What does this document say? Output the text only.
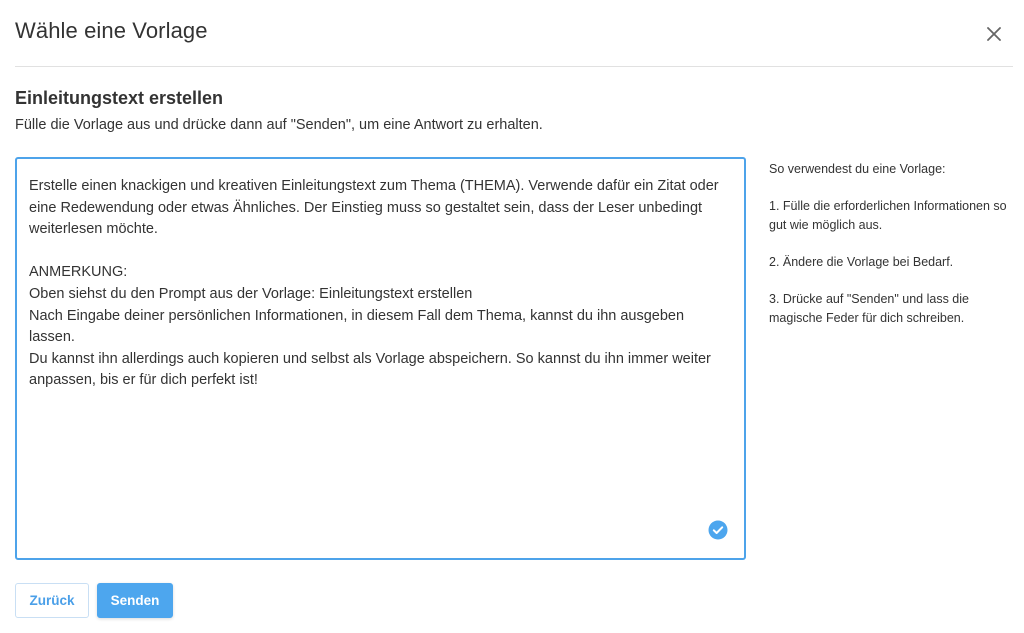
Wähle eine Vorlage
Einleitungstext erstellen
Fülle die Vorlage aus und drücke dann auf "Senden", um eine Antwort zu erhalten.
Erstelle einen knackigen und kreativen Einleitungstext zum Thema (THEMA). Verwende dafür ein Zitat oder eine Redewendung oder etwas Ähnliches. Der Einstieg muss so gestaltet sein, dass der Leser unbedingt weiterlesen möchte.

ANMERKUNG:
Oben siehst du den Prompt aus der Vorlage: Einleitungstext erstellen
Nach Eingabe deiner persönlichen Informationen, in diesem Fall dem Thema, kannst du ihn ausgeben lassen.
Du kannst ihn allerdings auch kopieren und selbst als Vorlage abspeichern. So kannst du ihn immer weiter anpassen, bis er für dich perfekt ist!

So verwendest du eine Vorlage:

1. Fülle die erforderlichen Informationen so gut wie möglich aus.

2. Ändere die Vorlage bei Bedarf.

3. Drücke auf "Senden" und lass die magische Feder für dich schreiben.

Zurück	Senden
